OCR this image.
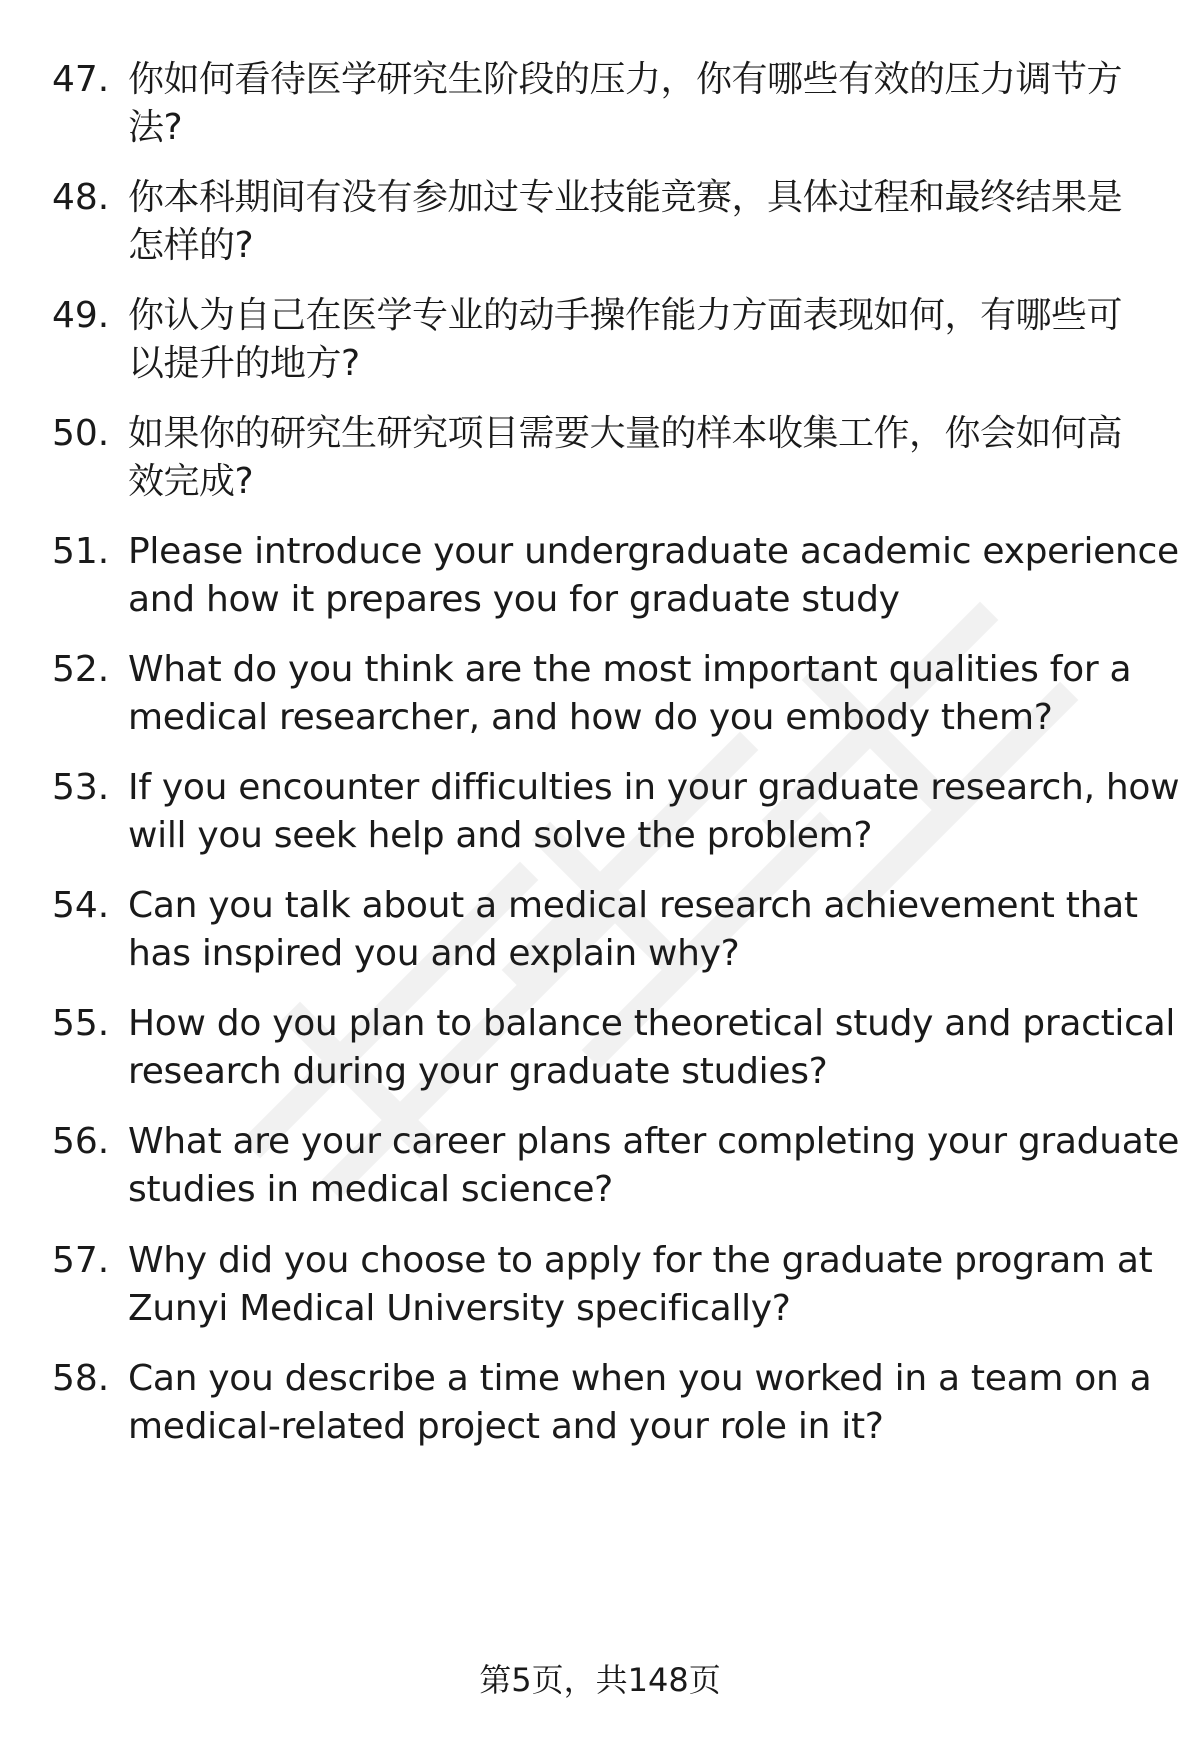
47. 你如何看待医学研究生阶段的压力，你有哪些有效的压力调节方
法?
48. 你本科期间有没有参加过专业技能竞赛，具体过程和最终结果是
怎样的?
49. 你认为自己在医学专业的动手操作能力方面表现如何，有哪些可
以提升的地方?
50. 如果你的研究生研究项目需要大量的样本收集工作，你会如何高
效完成?
51. Please introduce your undergraduate academic experience
and how it prepares you for graduate study
52. What do you think are the most important qualities for a
medical researcher, and how do you embody them?
53. If you encounter difficulties in your graduate research, how
will you seek help and solve the problem?
54. Can you talk about a medical research achievement that
has inspired you and explain why?
55. How do you plan to balance theoretical study and practical
research during your graduate studies?
56. What are your career plans after completing your graduate
studies in medical science?
57. Why did you choose to apply for the graduate program at
Zunyi Medical University specifically?
58. Can you describe a time when you worked in a team on a
medical-related project and your role in it?
第5页，共148页
